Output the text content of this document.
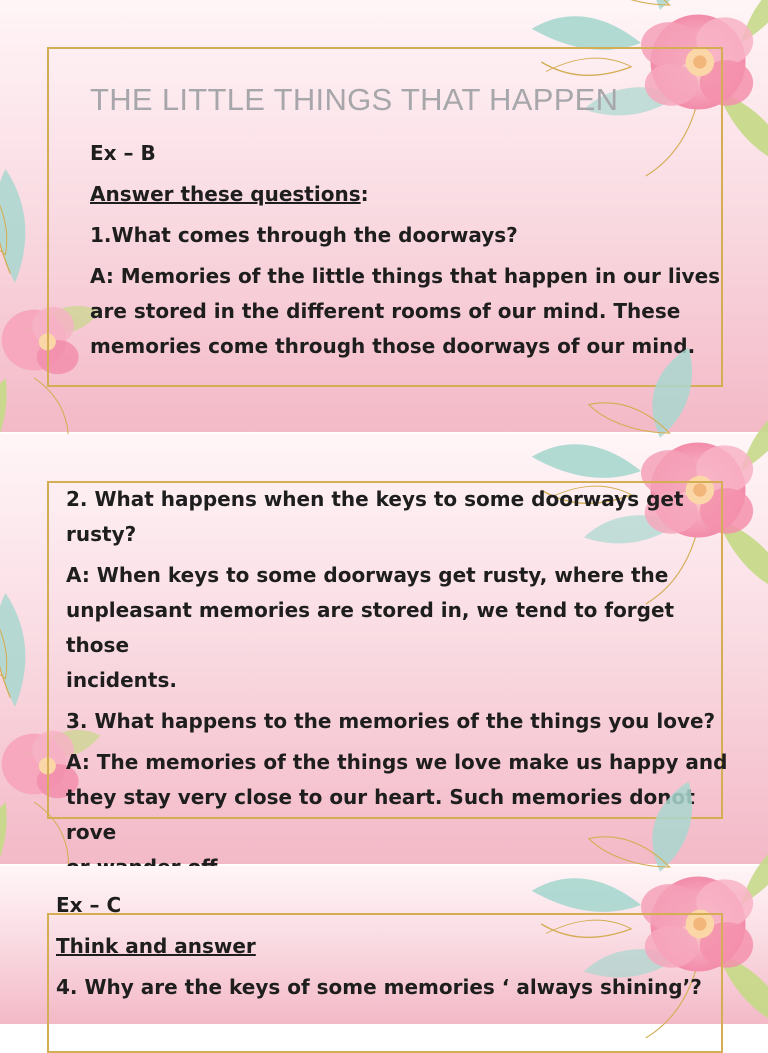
THE LITTLE THINGS THAT HAPPEN

Ex – B

Answer these questions:

1.What comes through the doorways?

A: Memories of the little things that happen in our lives

are stored in the different rooms of our mind. These

memories come through those doorways of our mind.

2. What happens when the keys to some doorways get

rusty?

A: When keys to some doorways get rusty, where the

unpleasant memories are stored in, we tend to forget those

incidents.

3. What happens to the memories of the things you love?

A: The memories of the things we love make us happy and

they stay very close to our heart. Such memories donot rove

Ex – C

Think and answer

4. Why are the keys of some memories ‘ always shining’?
